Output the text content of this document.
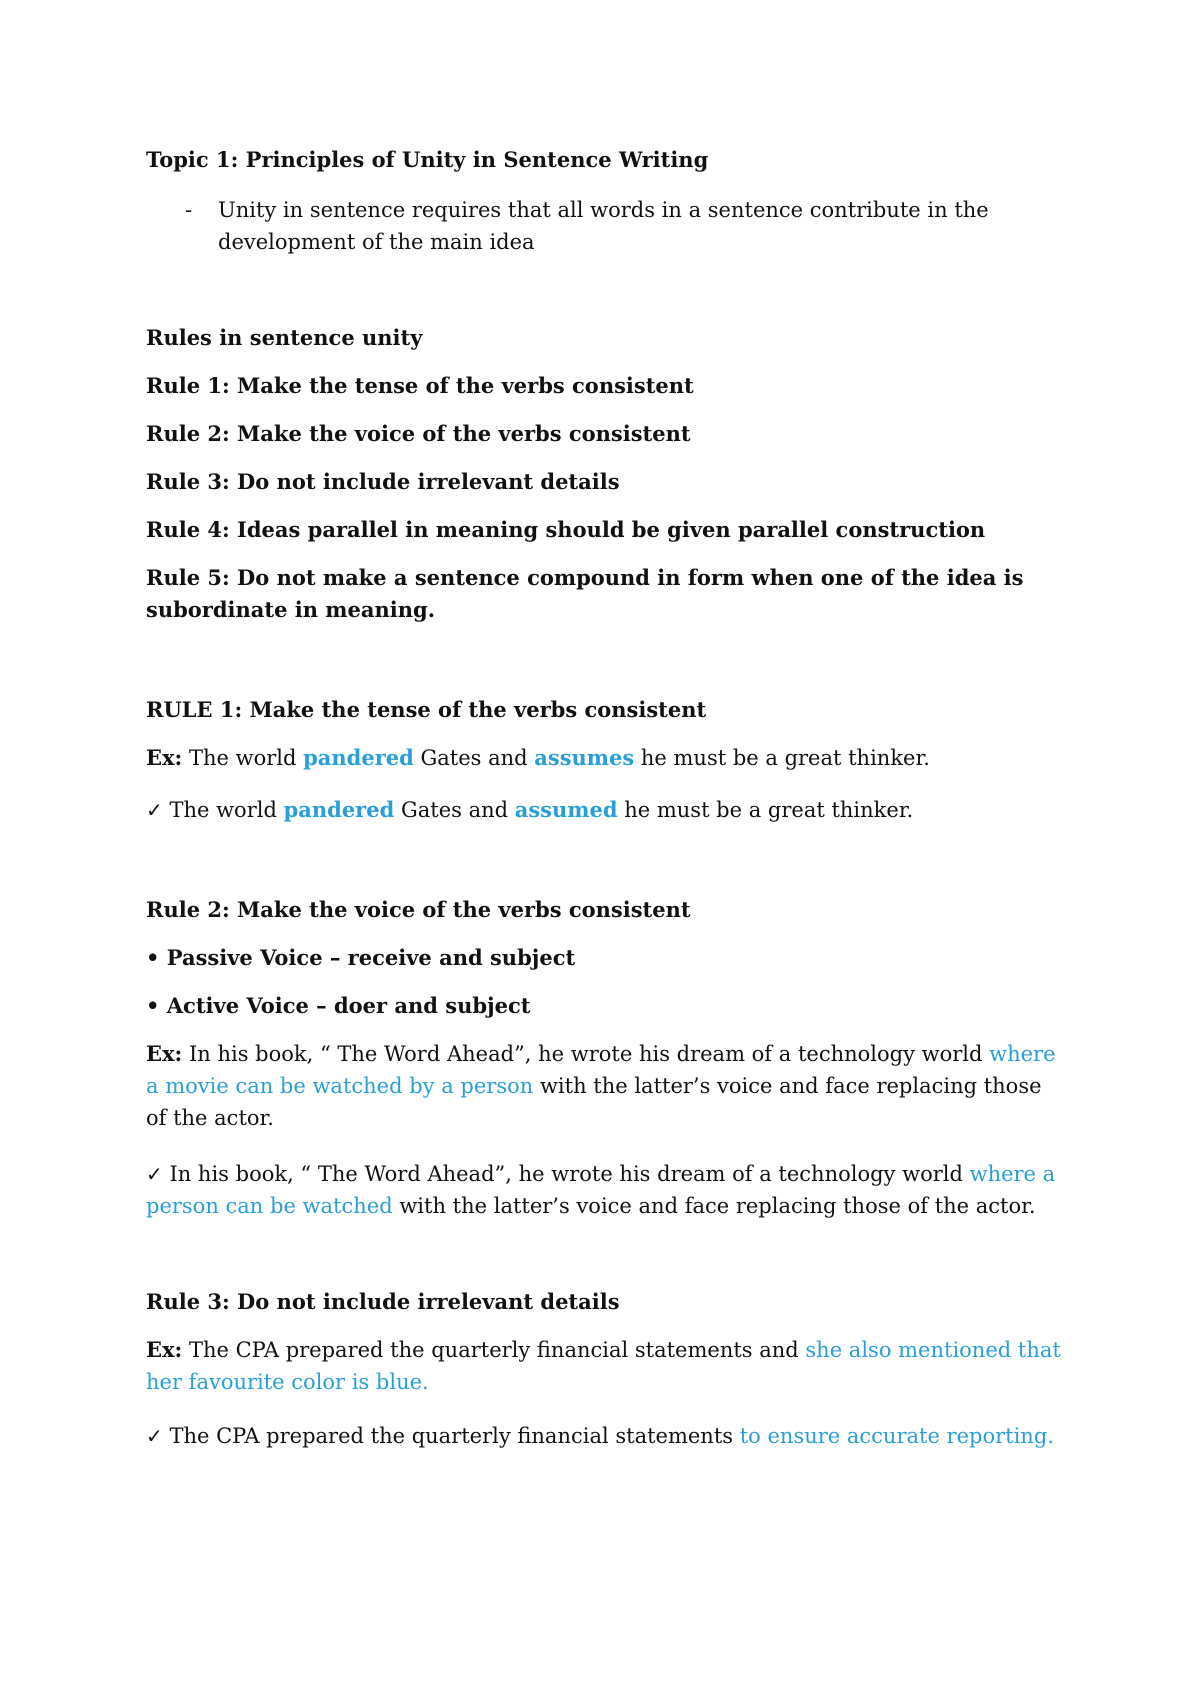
Topic 1: Principles of Unity in Sentence Writing
- Unity in sentence requires that all words in a sentence contribute in the development of the main idea
Rules in sentence unity
Rule 1: Make the tense of the verbs consistent
Rule 2: Make the voice of the verbs consistent
Rule 3: Do not include irrelevant details
Rule 4: Ideas parallel in meaning should be given parallel construction
Rule 5: Do not make a sentence compound in form when one of the idea is subordinate in meaning.
RULE 1: Make the tense of the verbs consistent
Ex: The world pandered Gates and assumes he must be a great thinker.
✓ The world pandered Gates and assumed he must be a great thinker.
Rule 2: Make the voice of the verbs consistent
• Passive Voice – receive and subject
• Active Voice – doer and subject
Ex: In his book, “ The Word Ahead”, he wrote his dream of a technology world where a movie can be watched by a person with the latter’s voice and face replacing those of the actor.
✓ In his book, “ The Word Ahead”, he wrote his dream of a technology world where a person can be watched with the latter’s voice and face replacing those of the actor.
Rule 3: Do not include irrelevant details
Ex: The CPA prepared the quarterly financial statements and she also mentioned that her favourite color is blue.
✓ The CPA prepared the quarterly financial statements to ensure accurate reporting.
